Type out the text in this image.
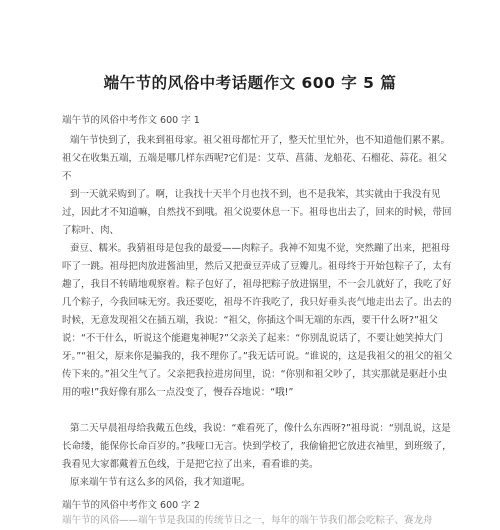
端午节的风俗中考话题作文 600 字 5 篇
端午节的风俗中考作文 600 字 1

端午节快到了，我来到祖母家。祖父祖母都忙开了，整天忙里忙外，也不知道他们累不累。祖父在收集五端，五端是哪几样东西呢?它们是：艾草、菖蒲、龙船花、石榴花、蒜花。祖父不

到一天就采购到了。啊，让我找十天半个月也找不到，也不是我笨，其实就由于我没有见过，因此才不知道嘛，自然找不到哦。祖父说要休息一下。祖母也出去了，回来的时候，带回了粽叶、肉、

蚕豆、糯米。我猜祖母是包我的最爱——肉粽子。我神不知鬼不觉，突然蹦了出来，把祖母吓了一跳。祖母把肉放进酱油里，然后又把蚕豆弄成了豆瓣儿。祖母终于开始包粽子了，太有趣了，我目不转睛地观察着。粽子包好了，祖母把粽子放进锅里，不一会儿就好了，我吃了好几个粽子，今我回味无穷。我还要吃，祖母不许我吃了，我只好垂头丧气地走出去了。出去的时候，无意发现祖父在插五端，我说：“祖父，你插这个叫无端的东西，要干什么呀?”祖父说：“不干什么，听说这个能避鬼神呢?”父亲关了起来：“你别乱说话了，不要让她笑掉大门牙。”“祖父，原来你是骗我的，我不理你了。”我无话可说。“谁说的，这是我祖父的祖父的祖父传下来的。”祖父生气了。父亲把我拉进房间里，说：“你别和祖父吵了，其实那就是驱赶小虫用的啦!”我好像有那么一点没变了，慢吞吞地说：“哦!”

第二天早晨祖母给我戴五色线，我说：“难看死了，像什么东西呀?”祖母说：“别乱说，这是长命缕，能保你长命百岁的。”我哑口无言。快到学校了，我偷偷把它放进衣袖里，到班级了，我看见大家都戴着五色线，于是把它拉了出来，看看谁的美。

原来端午节有这么多的风俗，我才知道呢。

端午节的风俗中考作文 600 字 2
端午节的风俗——端午节是我国的传统节日之一，每年的端午节我们都会吃粽子、赛龙舟
